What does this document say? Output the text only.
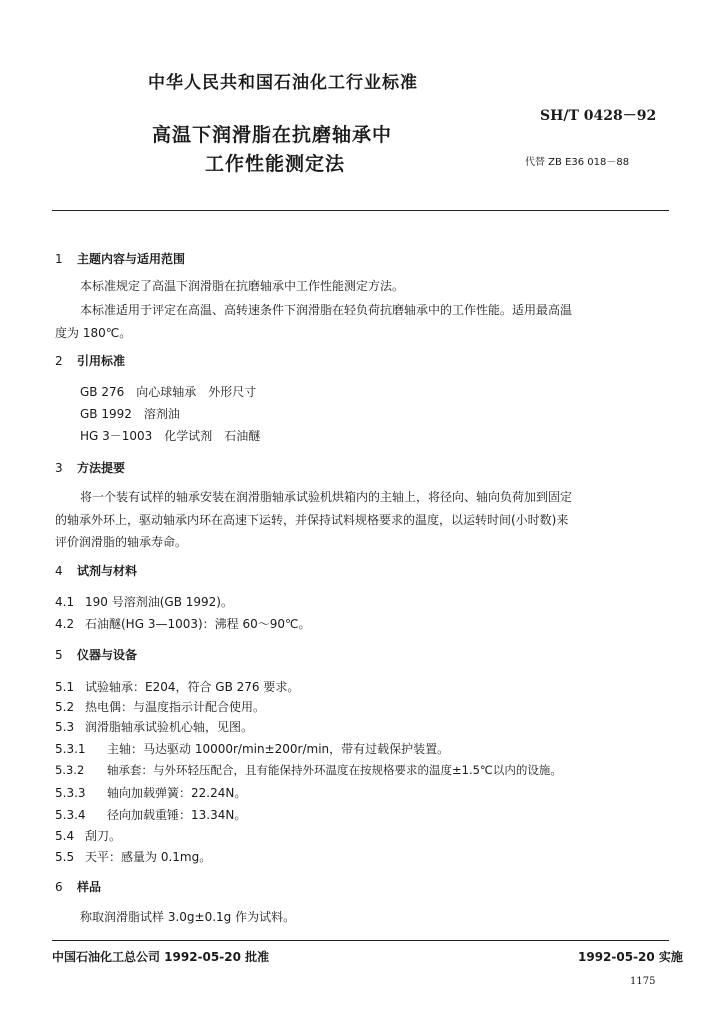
中华人民共和国石油化工行业标准
SH/T 0428－92
高温下润滑脂在抗磨轴承中
工作性能测定法	代替 ZB E36 018－88
1 主题内容与适用范围
本标准规定了高温下润滑脂在抗磨轴承中工作性能测定方法。
本标准适用于评定在高温、高转速条件下润滑脂在轻负荷抗磨轴承中的工作性能。适用最高温
度为 180℃。
2 引用标准
GB 276　向心球轴承　外形尺寸
GB 1992　溶剂油
HG 3－1003　化学试剂　石油醚
3 方法提要
将一个装有试样的轴承安装在润滑脂轴承试验机烘箱内的主轴上，将径向、轴向负荷加到固定
的轴承外环上，驱动轴承内环在高速下运转，并保持试料规格要求的温度，以运转时间(小时数)来
评价润滑脂的轴承寿命。
4 试剂与材料
4.1 190 号溶剂油(GB 1992)。
4.2 石油醚(HG 3—1003)：沸程 60～90℃。
5 仪器与设备
5.1 试验轴承：E204，符合 GB 276 要求。
5.2 热电偶：与温度指示计配合使用。
5.3 润滑脂轴承试验机心轴，见图。
5.3.1 主轴：马达驱动 10000r/min±200r/min，带有过载保护装置。
5.3.2 轴承套：与外环轻压配合，且有能保持外环温度在按规格要求的温度±1.5℃以内的设施。
5.3.3 轴向加载弹簧：22.24N。
5.3.4 径向加载重锤：13.34N。
5.4 刮刀。
5.5 天平：感量为 0.1mg。
6 样品
称取润滑脂试样 3.0g±0.1g 作为试料。
中国石油化工总公司 1992-05-20 批准	1992-05-20 实施
1175
